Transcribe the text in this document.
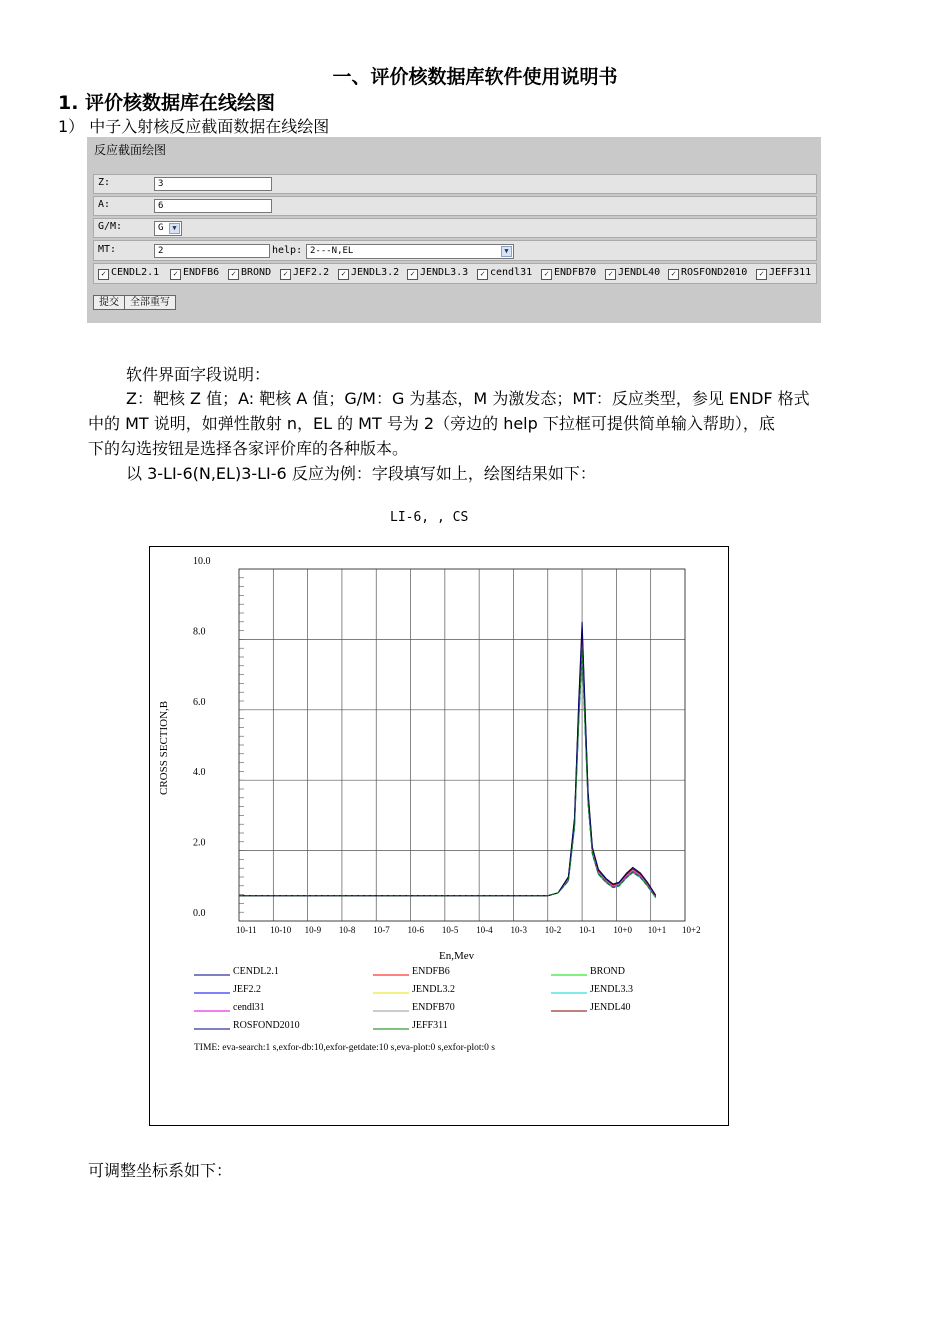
一、评价核数据库软件使用说明书
1. 评价核数据库在线绘图
1） 中子入射核反应截面数据在线绘图
反应截面绘图
Z:	3
A:	6
G/M:	G	▼
MT:	2	help: 2---N,EL	▼
✓ CENDL2.1	✓ ENDFB6	✓ BROND	✓ JEF2.2	✓ JENDL3.2	✓ JENDL3.3	✓ cendl31	✓ ENDFB70	✓ JENDL40	✓ ROSFOND2010	✓ JEFF311
提交	全部重写
软件界面字段说明：
Z：靶核 Z 值；A: 靶核 A 值；G/M：G 为基态，M 为激发态；MT：反应类型，参见 ENDF 格式
中的 MT 说明，如弹性散射 n，EL 的 MT 号为 2（旁边的 help 下拉框可提供简单输入帮助），底
下的勾选按钮是选择各家评价库的各种版本。
以 3-LI-6(N,EL)3-LI-6 反应为例：字段填写如上，绘图结果如下：
LI-6, , CS
10-11 10-10 10-9 10-8 10-7 10-6 10-5 10-4 10-3 10-2 10-1 10+0 10+1 10+2
0.0
2.0
4.0
6.0
8.0
10.0
CROSS SECTION,B
En,Mev
CENDL2.1	ENDFB6	BROND
JEF2.2	JENDL3.2	JENDL3.3
cendl31	ENDFB70	JENDL40
ROSFOND2010	JEFF311
TIME: eva-search:1 s,exfor-db:10,exfor-getdate:10 s,eva-plot:0 s,exfor-plot:0 s
可调整坐标系如下：
